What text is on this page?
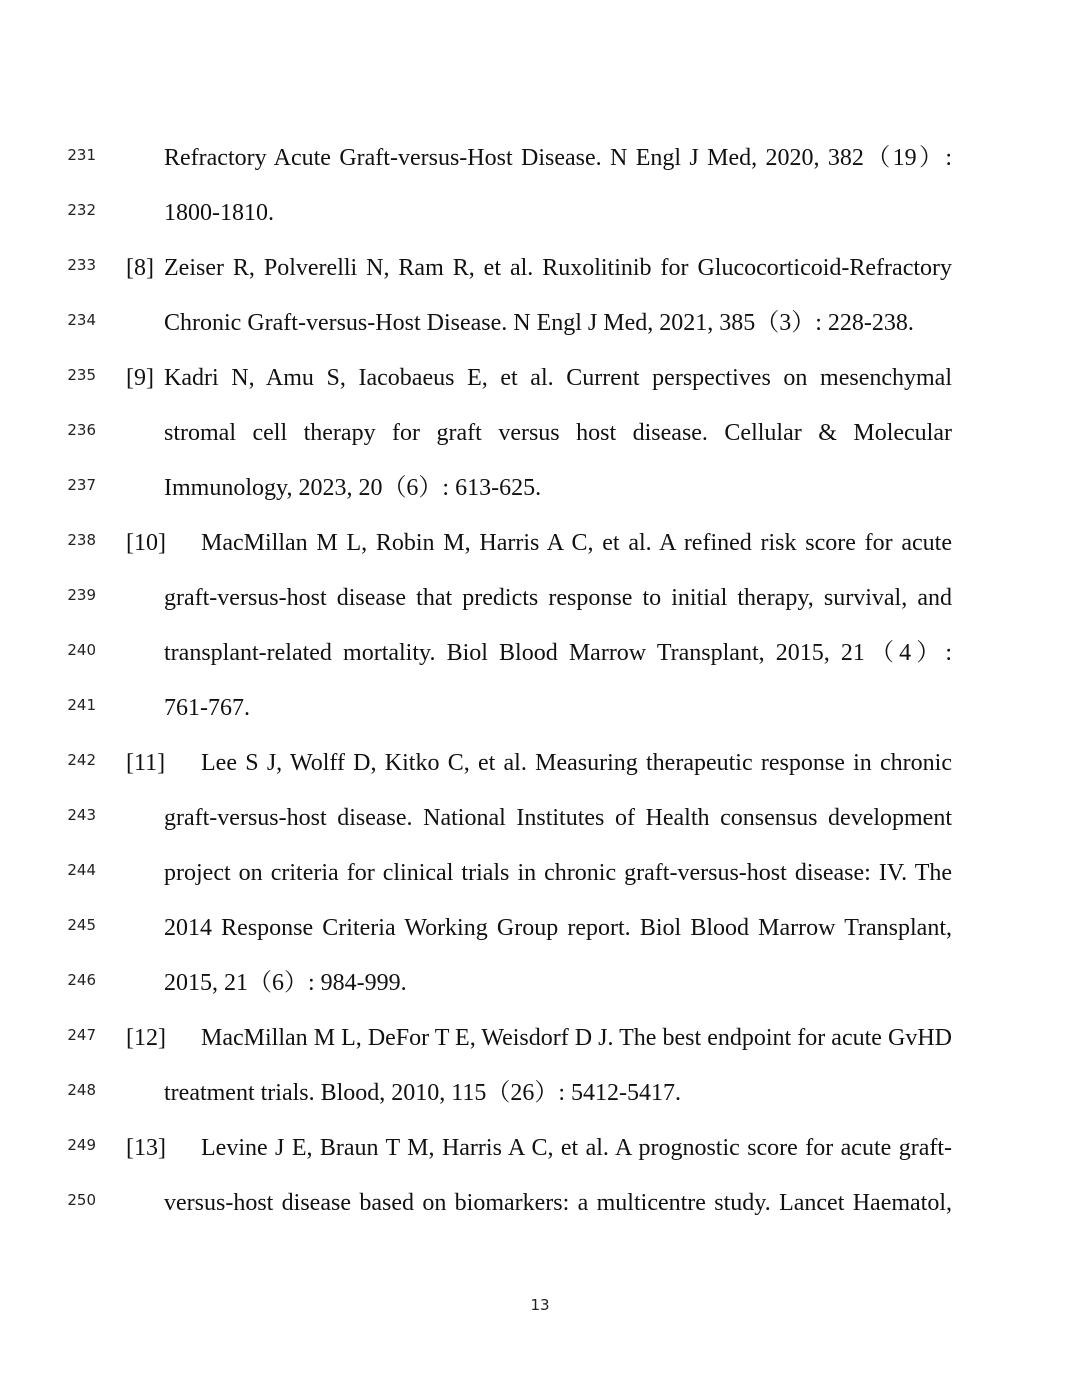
231	Refractory Acute Graft-versus-Host Disease. N Engl J Med, 2020, 382（19）:
232	1800-1810.
233 [8] Zeiser R, Polverelli N, Ram R, et al. Ruxolitinib for Glucocorticoid-Refractory
234	Chronic Graft-versus-Host Disease. N Engl J Med, 2021, 385（3）: 228-238.
235 [9] Kadri N, Amu S, Iacobaeus E, et al. Current perspectives on mesenchymal
236	stromal cell therapy for graft versus host disease. Cellular & Molecular
237	Immunology, 2023, 20（6）: 613-625.
238 [10] MacMillan M L, Robin M, Harris A C, et al. A refined risk score for acute
239	graft-versus-host disease that predicts response to initial therapy, survival, and
240	transplant-related mortality. Biol Blood Marrow Transplant, 2015, 21（4）:
241	761-767.
242 [11] Lee S J, Wolff D, Kitko C, et al. Measuring therapeutic response in chronic
243	graft-versus-host disease. National Institutes of Health consensus development
244	project on criteria for clinical trials in chronic graft-versus-host disease: IV. The
245	2014 Response Criteria Working Group report. Biol Blood Marrow Transplant,
246	2015, 21（6）: 984-999.
247 [12] MacMillan M L, DeFor T E, Weisdorf D J. The best endpoint for acute GvHD
248	treatment trials. Blood, 2010, 115（26）: 5412-5417.
249 [13] Levine J E, Braun T M, Harris A C, et al. A prognostic score for acute graft-
250	versus-host disease based on biomarkers: a multicentre study. Lancet Haematol,
13
